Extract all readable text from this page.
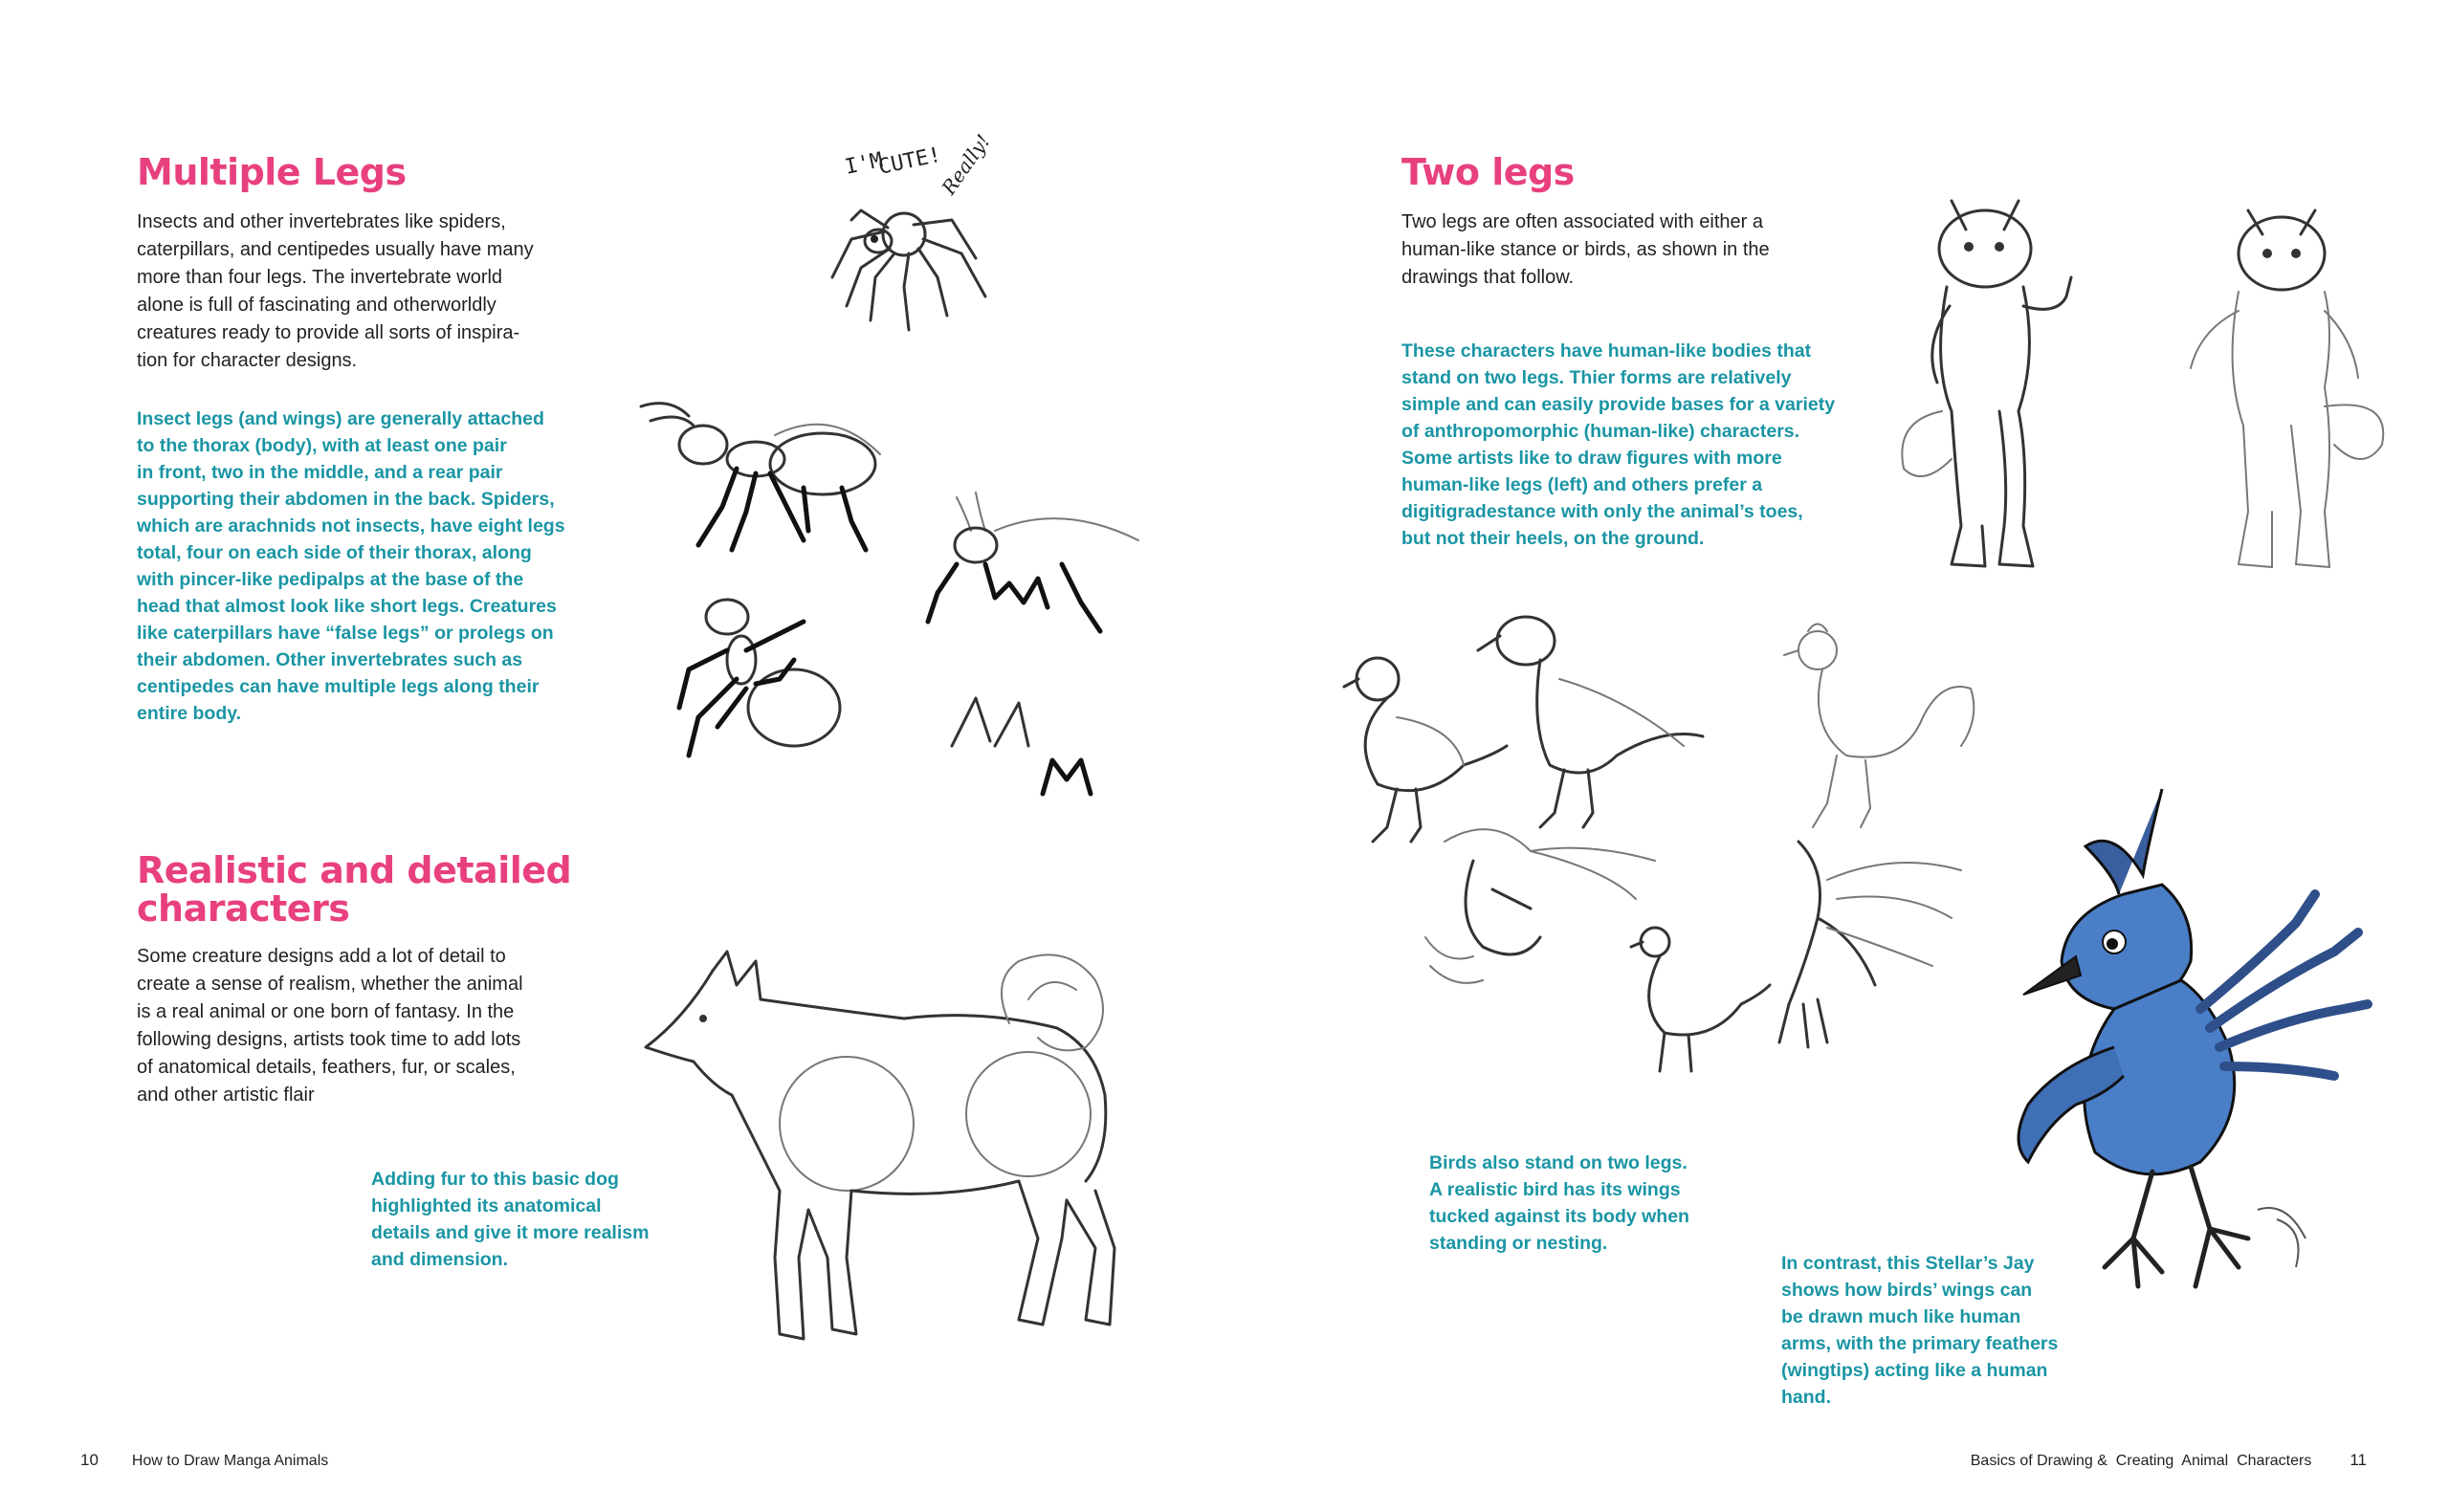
Multiple Legs
Insects and other invertebrates like spiders,
caterpillars, and centipedes usually have many
more than four legs. The invertebrate world
alone is full of fascinating and otherworldly
creatures ready to provide all sorts of inspira-
tion for character designs.
Insect legs (and wings) are generally attached
to the thorax (body), with at least one pair
in front, two in the middle, and a rear pair
supporting their abdomen in the back. Spiders,
which are arachnids not insects, have eight legs
total, four on each side of their thorax, along
with pincer-like pedipalps at the base of the
head that almost look like short legs. Creatures
like caterpillars have “false legs” or prolegs on
their abdomen. Other invertebrates such as
centipedes can have multiple legs along their
entire body.
I'M
CUTE!
Really!
Realistic and detailed
characters
Some creature designs add a lot of detail to
create a sense of realism, whether the animal
is a real animal or one born of fantasy. In the
following designs, artists took time to add lots
of anatomical details, feathers, fur, or scales,
and other artistic flair
Adding fur to this basic dog
highlighted its anatomical
details and give it more realism
and dimension.
10 How to Draw Manga Animals
Two legs
Two legs are often associated with either a
human-like stance or birds, as shown in the
drawings that follow.
These characters have human-like bodies that
stand on two legs. Thier forms are relatively
simple and can easily provide bases for a variety
of anthropomorphic (human-like) characters.
Some artists like to draw figures with more
human-like legs (left) and others prefer a
digitigradestance with only the animal’s toes,
but not their heels, on the ground.
Birds also stand on two legs.
A realistic bird has its wings
tucked against its body when
standing or nesting.
In contrast, this Stellar’s Jay
shows how birds’ wings can
be drawn much like human
arms, with the primary feathers
(wingtips) acting like a human
hand.
Basics of Drawing &  Creating  Animal  Characters 11
